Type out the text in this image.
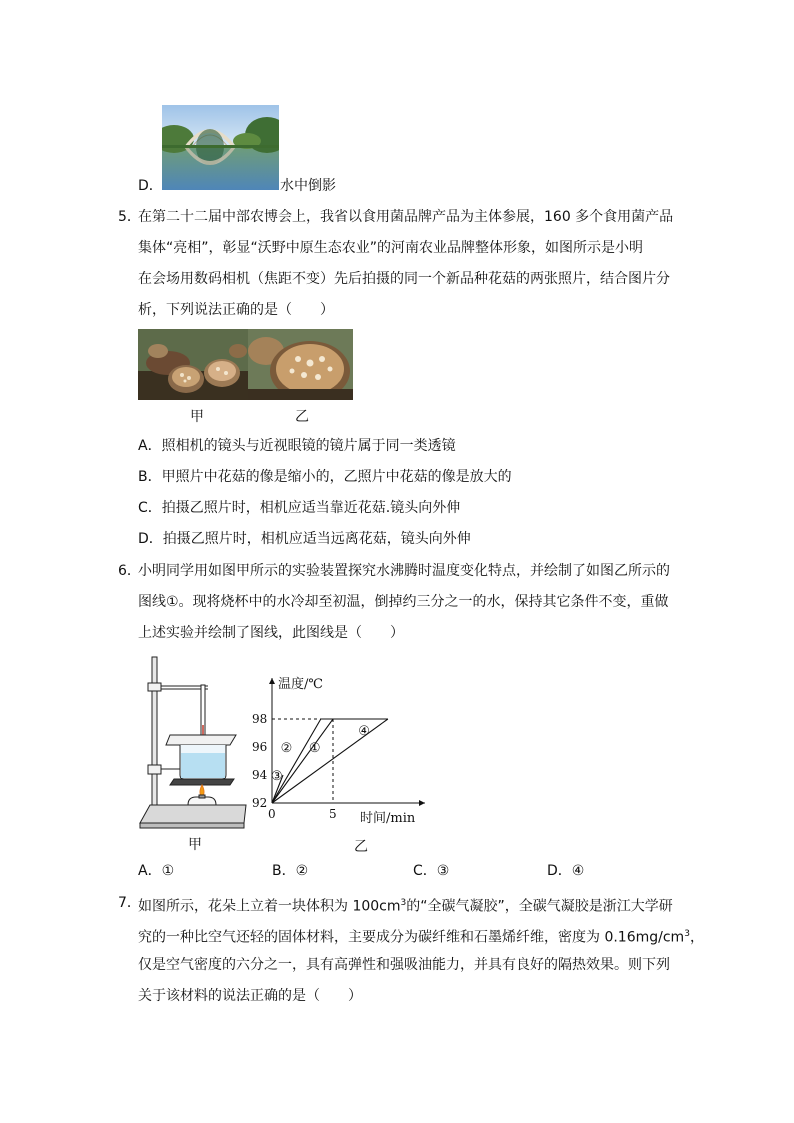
D．	水中倒影
5．
在第二十二届中部农博会上，我省以食用菌品牌产品为主体参展，160 多个食用菌产品
集体“亮相”，彰显“沃野中原生态农业”的河南农业品牌整体形象，如图所示是小明
在会场用数码相机（焦距不变）先后拍摄的同一个新品种花菇的两张照片，结合图片分
析，下列说法正确的是（　　）
甲	乙
A．照相机的镜头与近视眼镜的镜片属于同一类透镜
B．甲照片中花菇的像是缩小的，乙照片中花菇的像是放大的
C．拍摄乙照片时，相机应适当靠近花菇.镜头向外伸
D．拍摄乙照片时，相机应适当远离花菇，镜头向外伸
6．
小明同学用如图甲所示的实验装置探究水沸腾时温度变化特点，并绘制了如图乙所示的
图线①。现将烧杯中的水冷却至初温，倒掉约三分之一的水，保持其它条件不变，重做
上述实验并绘制了图线，此图线是（　　）
甲
温度/℃
时间/min
92
94
96
98
0	5
①
②
③
④
乙
A．①	B．②	C．③	D．④
7．
如图所示，花朵上立着一块体积为 $100cm^3$的“全碳气凝胶”，全碳气凝胶是浙江大学研
究的一种比空气还轻的固体材料，主要成分为碳纤维和石墨烯纤维，密度为 $0.16mg/cm^3$，
仅是空气密度的六分之一，具有高弹性和强吸油能力，并具有良好的隔热效果。则下列
关于该材料的说法正确的是（　　）
